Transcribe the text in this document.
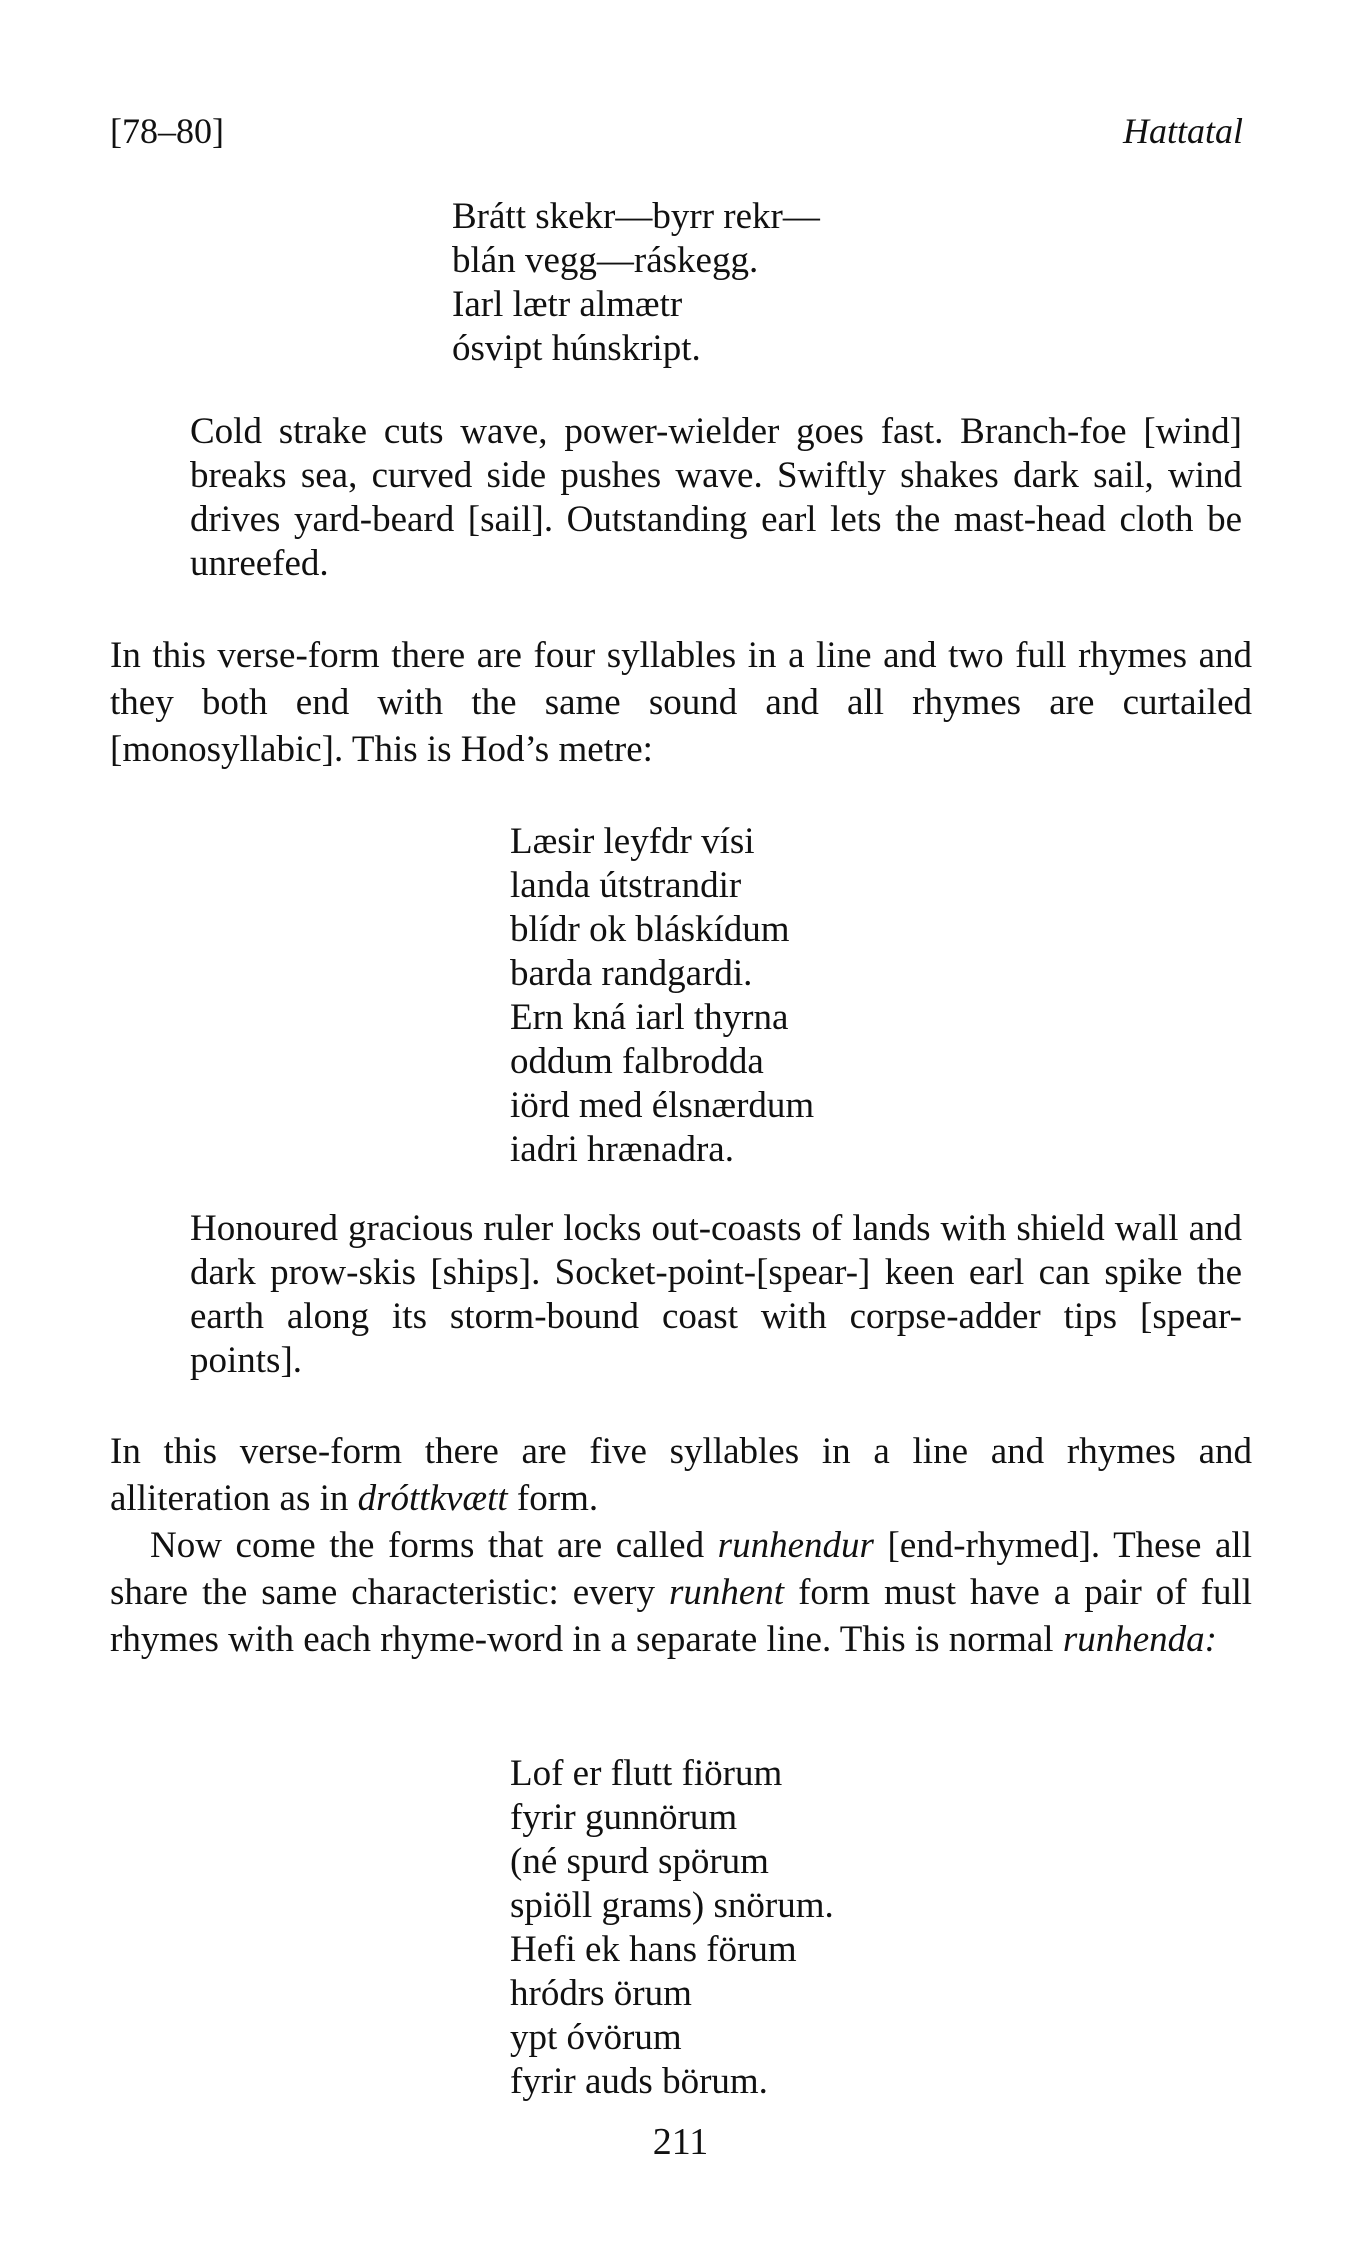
[78–80]	Hattatal
Brátt skekr—byrr rekr—
blán vegg—ráskegg.
Iarl lætr almætr
ósvipt húnskript.

Cold strake cuts wave, power-wielder goes fast. Branch-foe [wind] breaks sea, curved side pushes wave. Swiftly shakes dark sail, wind drives yard-beard [sail]. Outstanding earl lets the mast-head cloth be unreefed.

In this verse-form there are four syllables in a line and two full rhymes and they both end with the same sound and all rhymes are curtailed [monosyllabic]. This is Hod’s metre:

Læsir leyfdr vísi
landa útstrandir
blídr ok bláskídum
barda randgardi.
Ern kná iarl thyrna
oddum falbrodda
iörd med élsnærdum
iadri hrænadra.

Honoured gracious ruler locks out-coasts of lands with shield wall and dark prow-skis [ships]. Socket-point-[spear-] keen earl can spike the earth along its storm-bound coast with corpse-adder tips [spear-points].

In this verse-form there are five syllables in a line and rhymes and alliteration as in dróttkvætt form.

Now come the forms that are called runhendur [end-rhymed]. These all share the same characteristic: every runhent form must have a pair of full rhymes with each rhyme-word in a separate line. This is normal runhenda:

Lof er flutt fiörum
fyrir gunnörum
(né spurd spörum
spiöll grams) snörum.
Hefi ek hans förum
hródrs örum
ypt óvörum
fyrir auds börum.
211
